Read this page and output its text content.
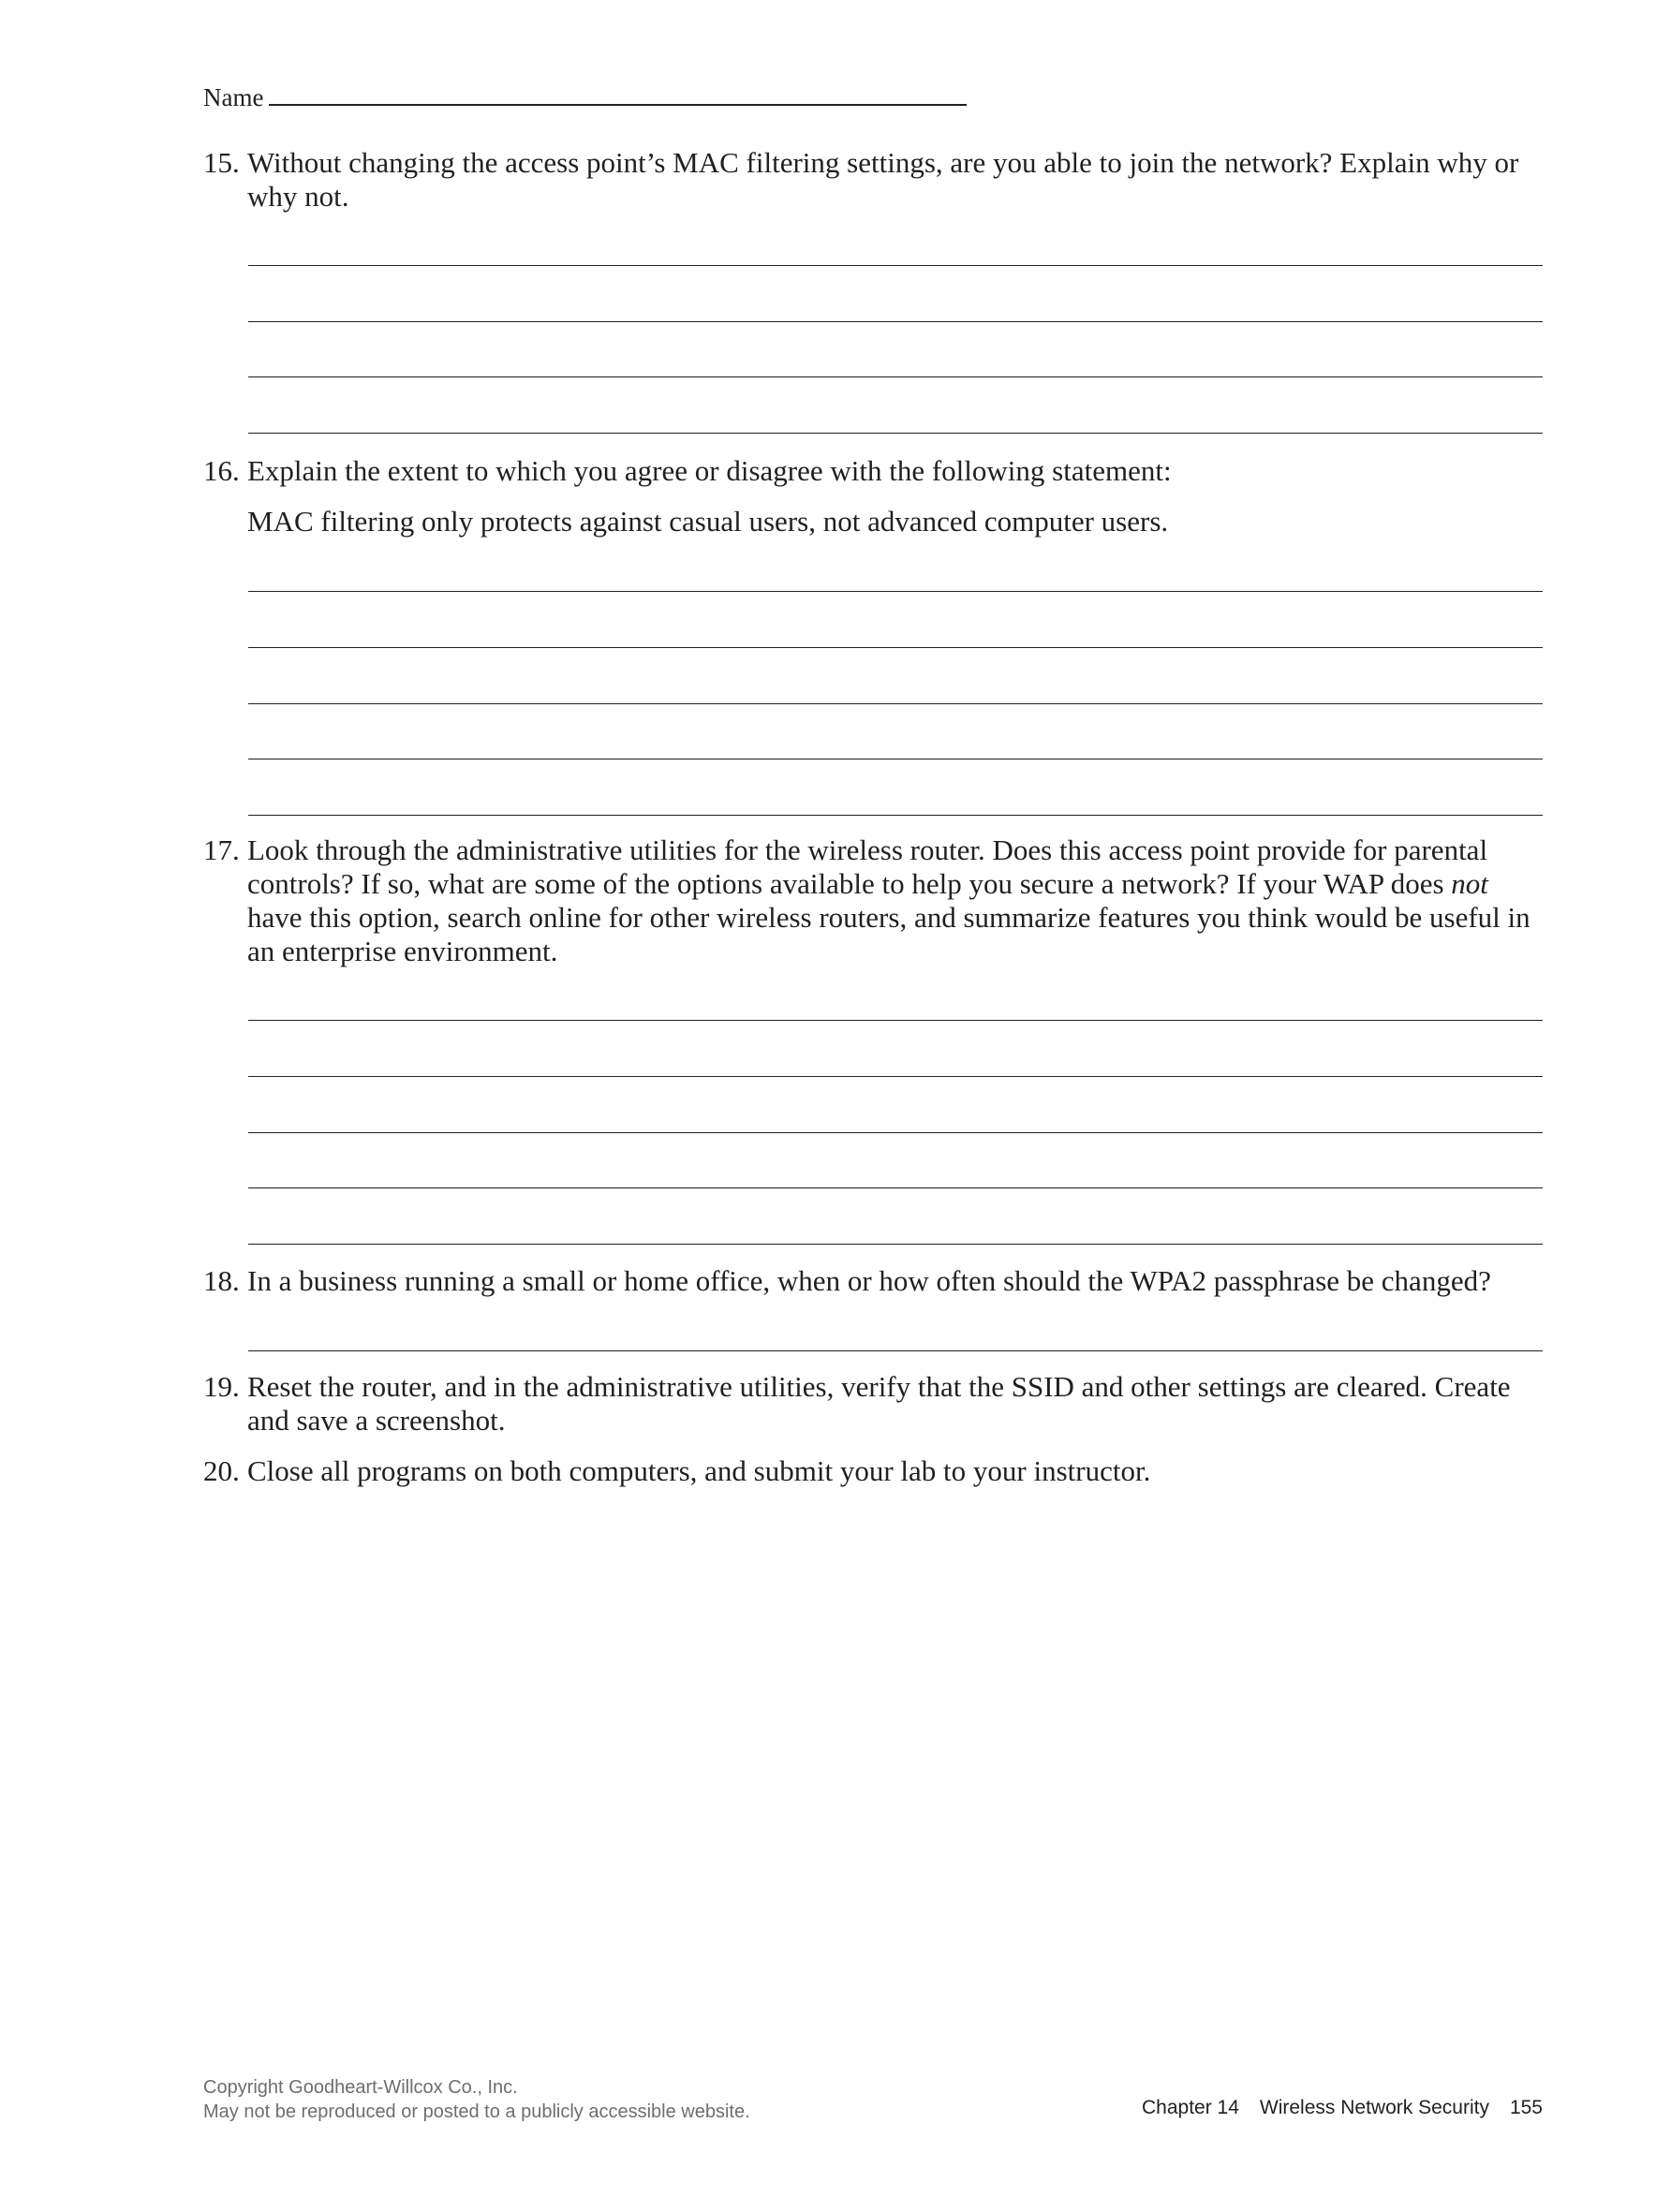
Name
15. Without changing the access point’s MAC filtering settings, are you able to join the network? Explain why or why not.
16. Explain the extent to which you agree or disagree with the following statement:
MAC filtering only protects against casual users, not advanced computer users.
17. Look through the administrative utilities for the wireless router. Does this access point provide for parental controls? If so, what are some of the options available to help you secure a network? If your WAP does not have this option, search online for other wireless routers, and summarize features you think would be useful in an enterprise environment.
18. In a business running a small or home office, when or how often should the WPA2 passphrase be changed?
19. Reset the router, and in the administrative utilities, verify that the SSID and other settings are cleared. Create and save a screenshot.
20. Close all programs on both computers, and submit your lab to your instructor.
Copyright Goodheart-Willcox Co., Inc.
May not be reproduced or posted to a publicly accessible website.	Chapter 14 Wireless Network Security 155
